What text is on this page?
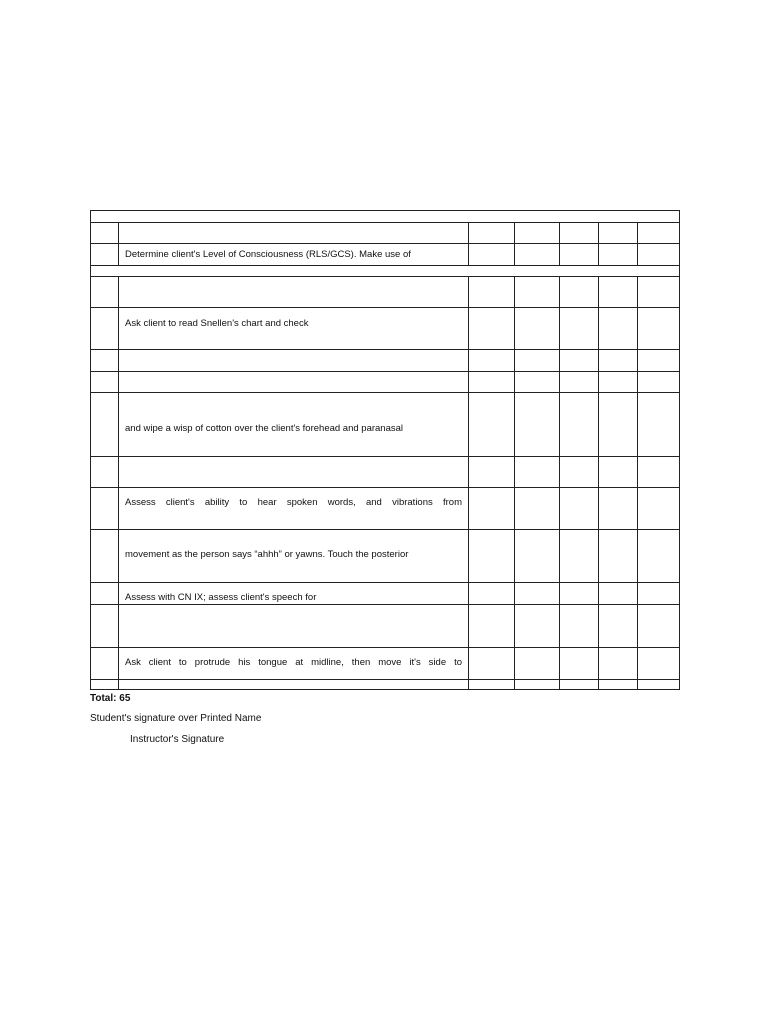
	Determine client's Level of Consciousness (RLS/GCS). Make use of					

	Ask client to read Snellen's chart and check					

	and wipe a wisp of cotton over the client's forehead and paranasal					

	Assess client's ability to hear spoken words, and vibrations from					
	movement as the person says “ahhh” or yawns. Touch the posterior					
	Assess with CN IX; assess client's speech for					

	Ask client to protrude his tongue at midline, then move it's side to					

Total: 65
Student's signature over Printed Name
Instructor's Signature
